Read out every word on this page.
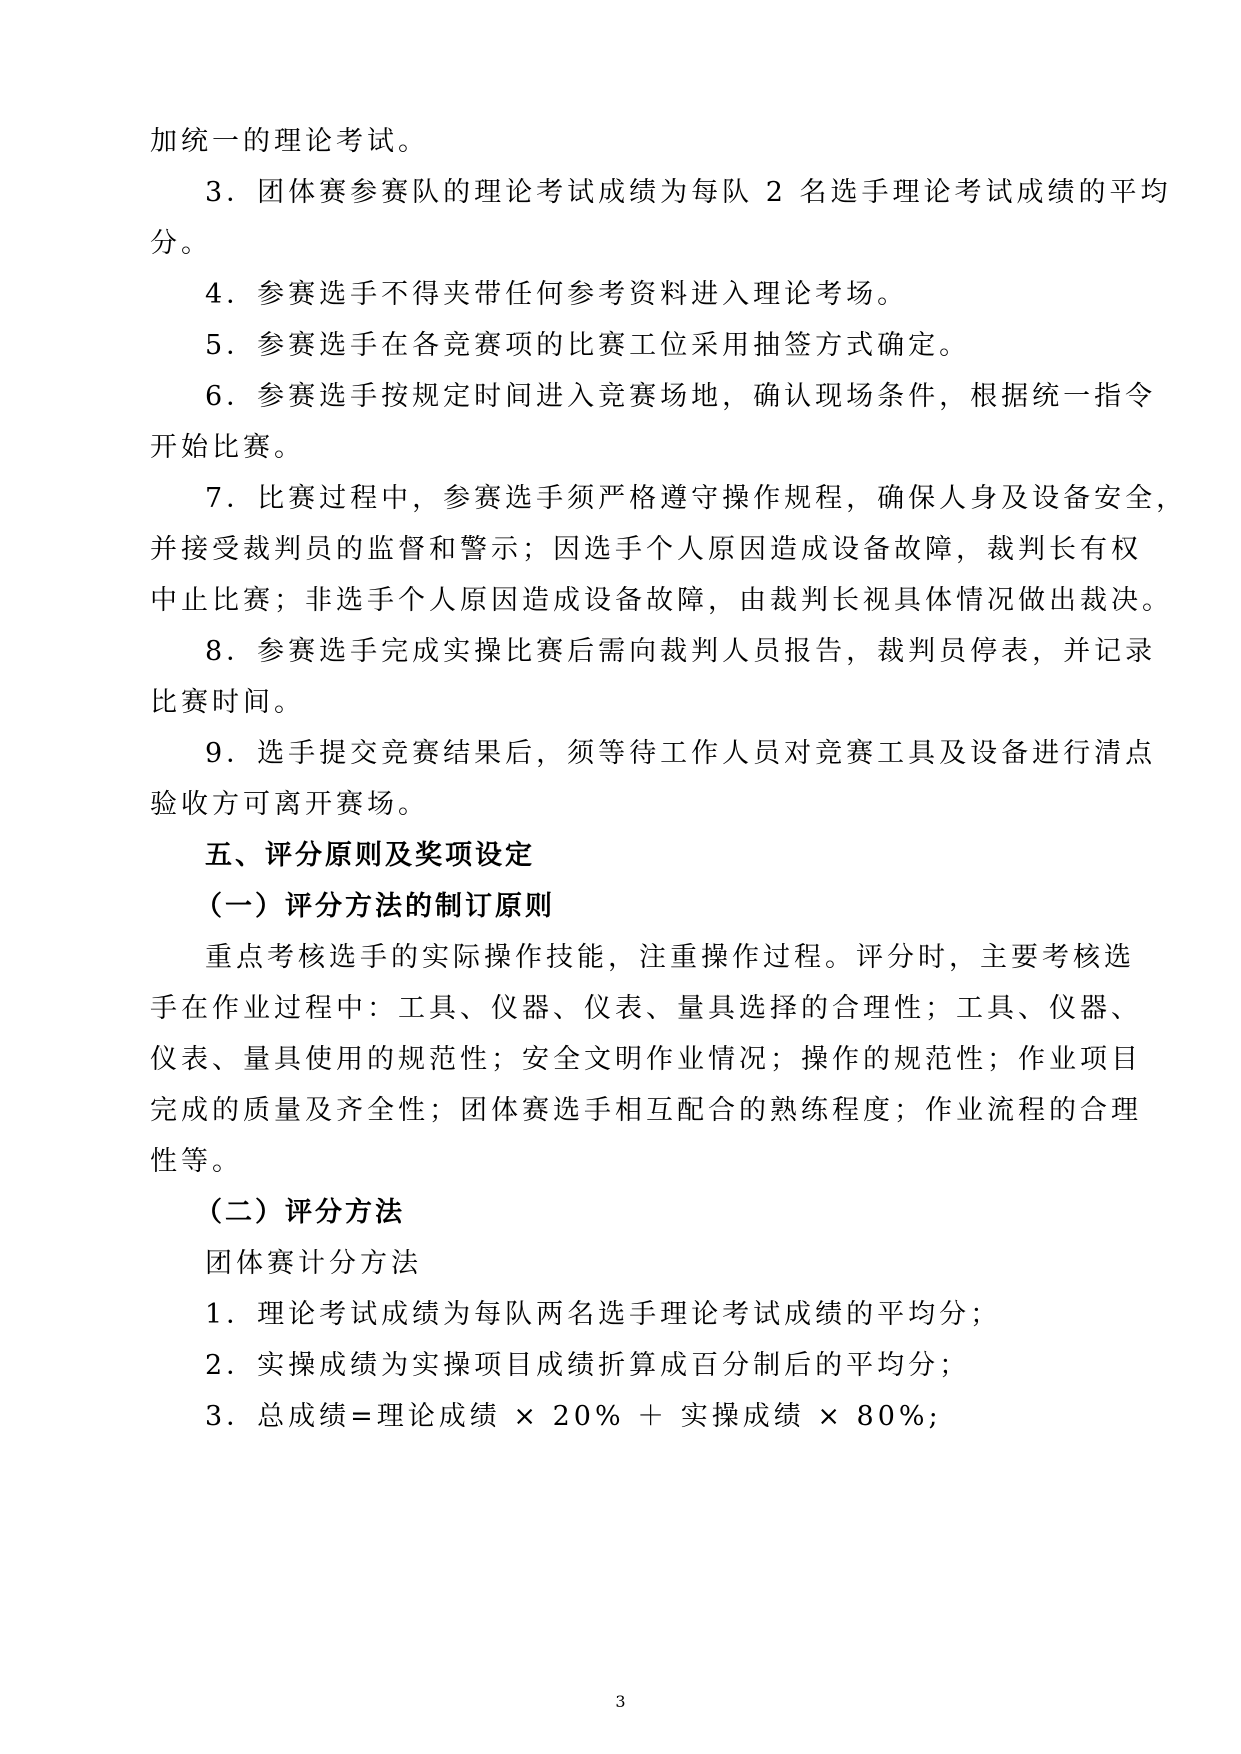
加统一的理论考试。
3．团体赛参赛队的理论考试成绩为每队 2 名选手理论考试成绩的平均
分。
4．参赛选手不得夹带任何参考资料进入理论考场。
5．参赛选手在各竞赛项的比赛工位采用抽签方式确定。
6．参赛选手按规定时间进入竞赛场地，确认现场条件，根据统一指令
开始比赛。
7．比赛过程中，参赛选手须严格遵守操作规程，确保人身及设备安全，
并接受裁判员的监督和警示；因选手个人原因造成设备故障，裁判长有权
中止比赛；非选手个人原因造成设备故障，由裁判长视具体情况做出裁决。
8．参赛选手完成实操比赛后需向裁判人员报告，裁判员停表，并记录
比赛时间。
9．选手提交竞赛结果后，须等待工作人员对竞赛工具及设备进行清点
验收方可离开赛场。
五、评分原则及奖项设定
（一）评分方法的制订原则
重点考核选手的实际操作技能，注重操作过程。评分时，主要考核选
手在作业过程中：工具、仪器、仪表、量具选择的合理性；工具、仪器、
仪表、量具使用的规范性；安全文明作业情况；操作的规范性；作业项目
完成的质量及齐全性；团体赛选手相互配合的熟练程度；作业流程的合理
性等。
（二）评分方法
团体赛计分方法
1．理论考试成绩为每队两名选手理论考试成绩的平均分；
2．实操成绩为实操项目成绩折算成百分制后的平均分；
3．总成绩=理论成绩 × 20% ＋ 实操成绩 × 80%;
3
